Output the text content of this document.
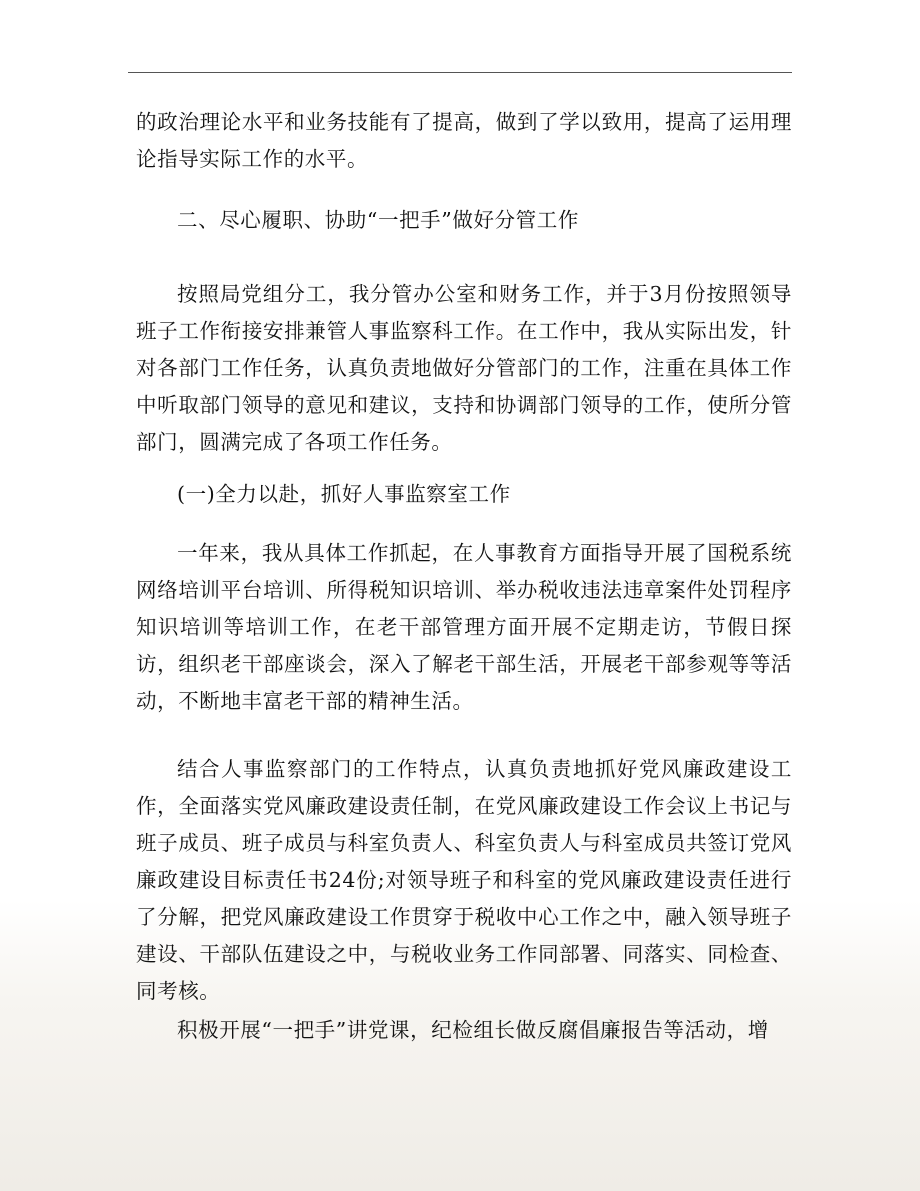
的政治理论水平和业务技能有了提高，做到了学以致用，提高了运用理论指导实际工作的水平。

二、尽心履职、协助“一把手”做好分管工作

按照局党组分工，我分管办公室和财务工作，并于3月份按照领导班子工作衔接安排兼管人事监察科工作。在工作中，我从实际出发，针对各部门工作任务，认真负责地做好分管部门的工作，注重在具体工作中听取部门领导的意见和建议，支持和协调部门领导的工作，使所分管部门，圆满完成了各项工作任务。

(一)全力以赴，抓好人事监察室工作

一年来，我从具体工作抓起，在人事教育方面指导开展了国税系统网络培训平台培训、所得税知识培训、举办税收违法违章案件处罚程序知识培训等培训工作，在老干部管理方面开展不定期走访，节假日探访，组织老干部座谈会，深入了解老干部生活，开展老干部参观等等活动，不断地丰富老干部的精神生活。

结合人事监察部门的工作特点，认真负责地抓好党风廉政建设工作，全面落实党风廉政建设责任制，在党风廉政建设工作会议上书记与班子成员、班子成员与科室负责人、科室负责人与科室成员共签订党风廉政建设目标责任书24份;对领导班子和科室的党风廉政建设责任进行了分解，把党风廉政建设工作贯穿于税收中心工作之中，融入领导班子建设、干部队伍建设之中，与税收业务工作同部署、同落实、同检查、同考核。

积极开展“一把手”讲党课，纪检组长做反腐倡廉报告等活动，增
